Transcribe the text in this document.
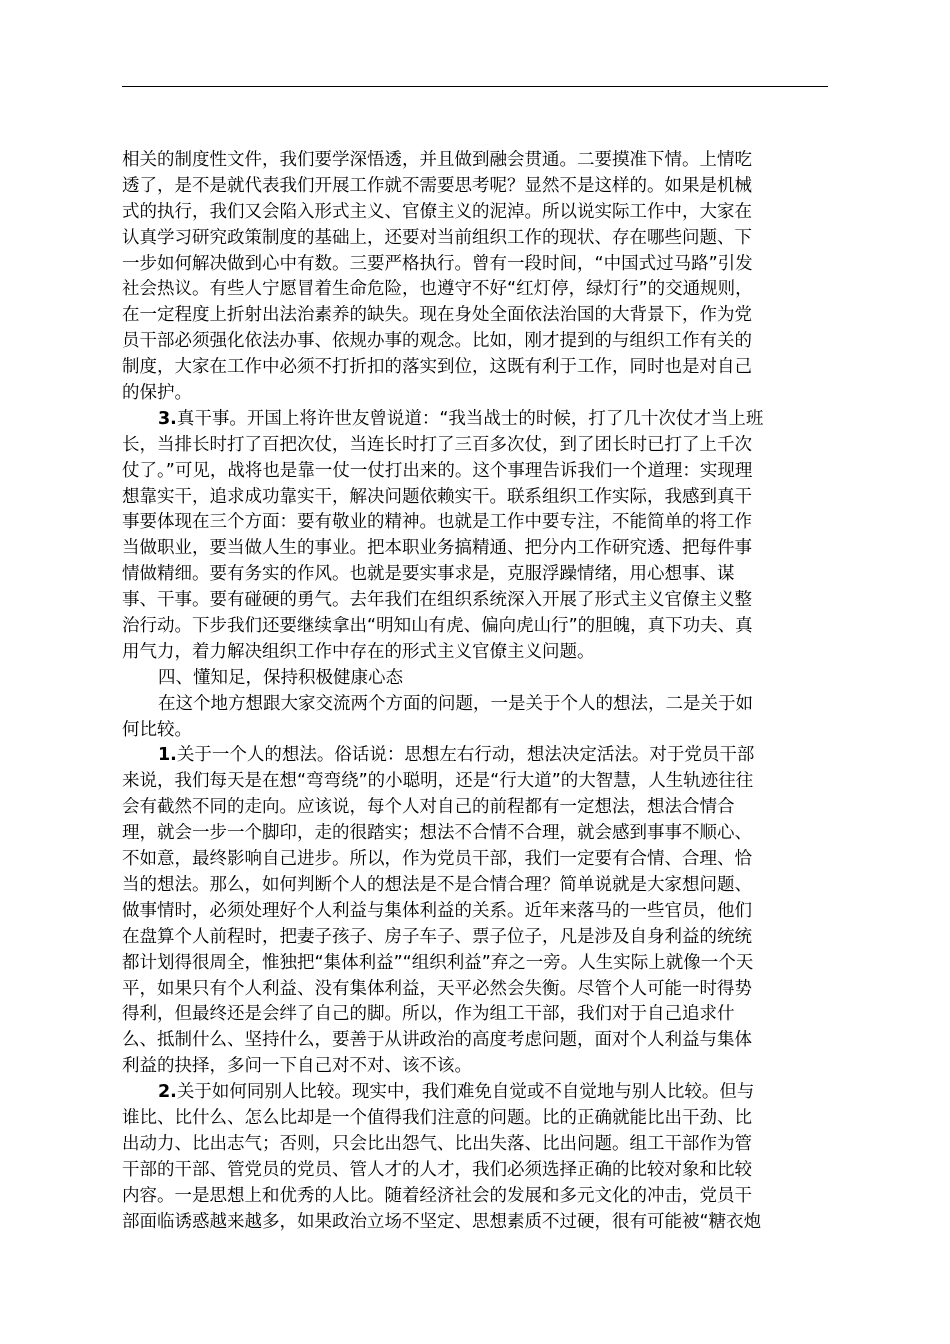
相关的制度性文件，我们要学深悟透，并且做到融会贯通。二要摸准下情。上情吃
透了，是不是就代表我们开展工作就不需要思考呢？显然不是这样的。如果是机械
式的执行，我们又会陷入形式主义、官僚主义的泥淖。所以说实际工作中，大家在
认真学习研究政策制度的基础上，还要对当前组织工作的现状、存在哪些问题、下
一步如何解决做到心中有数。三要严格执行。曾有一段时间，“中国式过马路”引发
社会热议。有些人宁愿冒着生命危险，也遵守不好“红灯停，绿灯行”的交通规则，
在一定程度上折射出法治素养的缺失。现在身处全面依法治国的大背景下，作为党
员干部必须强化依法办事、依规办事的观念。比如，刚才提到的与组织工作有关的
制度，大家在工作中必须不打折扣的落实到位，这既有利于工作，同时也是对自己
的保护。
3.真干事。开国上将许世友曾说道：“我当战士的时候，打了几十次仗才当上班
长，当排长时打了百把次仗，当连长时打了三百多次仗，到了团长时已打了上千次
仗了。”可见，战将也是靠一仗一仗打出来的。这个事理告诉我们一个道理：实现理
想靠实干，追求成功靠实干，解决问题依赖实干。联系组织工作实际，我感到真干
事要体现在三个方面：要有敬业的精神。也就是工作中要专注，不能简单的将工作
当做职业，要当做人生的事业。把本职业务搞精通、把分内工作研究透、把每件事
情做精细。要有务实的作风。也就是要实事求是，克服浮躁情绪，用心想事、谋
事、干事。要有碰硬的勇气。去年我们在组织系统深入开展了形式主义官僚主义整
治行动。下步我们还要继续拿出“明知山有虎、偏向虎山行”的胆魄，真下功夫、真
用气力，着力解决组织工作中存在的形式主义官僚主义问题。
四、懂知足，保持积极健康心态
在这个地方想跟大家交流两个方面的问题，一是关于个人的想法，二是关于如
何比较。
1.关于一个人的想法。俗话说：思想左右行动，想法决定活法。对于党员干部
来说，我们每天是在想“弯弯绕”的小聪明，还是“行大道”的大智慧，人生轨迹往往
会有截然不同的走向。应该说，每个人对自己的前程都有一定想法，想法合情合
理，就会一步一个脚印，走的很踏实；想法不合情不合理，就会感到事事不顺心、
不如意，最终影响自己进步。所以，作为党员干部，我们一定要有合情、合理、恰
当的想法。那么，如何判断个人的想法是不是合情合理？简单说就是大家想问题、
做事情时，必须处理好个人利益与集体利益的关系。近年来落马的一些官员，他们
在盘算个人前程时，把妻子孩子、房子车子、票子位子，凡是涉及自身利益的统统
都计划得很周全，惟独把“集体利益”“组织利益”弃之一旁。人生实际上就像一个天
平，如果只有个人利益、没有集体利益，天平必然会失衡。尽管个人可能一时得势
得利，但最终还是会绊了自己的脚。所以，作为组工干部，我们对于自己追求什
么、抵制什么、坚持什么，要善于从讲政治的高度考虑问题，面对个人利益与集体
利益的抉择，多问一下自己对不对、该不该。
2.关于如何同别人比较。现实中，我们难免自觉或不自觉地与别人比较。但与
谁比、比什么、怎么比却是一个值得我们注意的问题。比的正确就能比出干劲、比
出动力、比出志气；否则，只会比出怨气、比出失落、比出问题。组工干部作为管
干部的干部、管党员的党员、管人才的人才，我们必须选择正确的比较对象和比较
内容。一是思想上和优秀的人比。随着经济社会的发展和多元文化的冲击，党员干
部面临诱惑越来越多，如果政治立场不坚定、思想素质不过硬，很有可能被“糖衣炮
